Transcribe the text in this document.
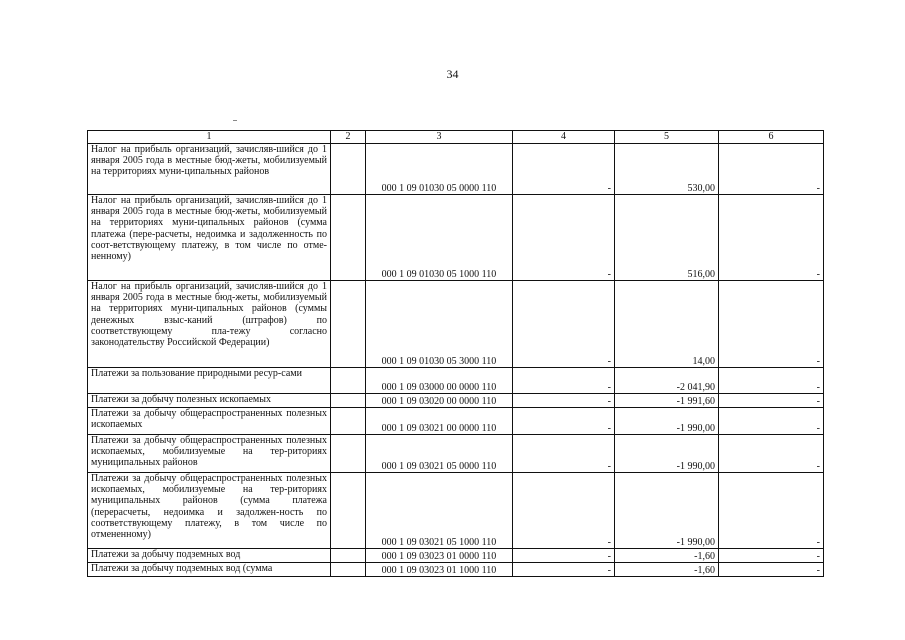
34
1	2	3	4	5	6
Налог на прибыль организаций, зачисляв-шийся до 1 января 2005 года в местные бюд-жеты, мобилизуемый на территориях муни-ципальных районов		000 1 09 01030 05 0000 110	-	530,00	-
Налог на прибыль организаций, зачисляв-шийся до 1 января 2005 года в местные бюд-жеты, мобилизуемый на территориях муни-ципальных районов (сумма платежа (пере-расчеты, недоимка и задолженность по соот-ветствующему платежу, в том числе по отме-ненному)		000 1 09 01030 05 1000 110	-	516,00	-
Налог на прибыль организаций, зачисляв-шийся до 1 января 2005 года в местные бюд-жеты, мобилизуемый на территориях муни-ципальных районов (суммы денежных взыс-каний (штрафов) по соответствующему пла-тежу согласно законодательству Российской Федерации)		000 1 09 01030 05 3000 110	-	14,00	-
Платежи за пользование природными ресур-сами		000 1 09 03000 00 0000 110	-	-2 041,90	-
Платежи за добычу полезных ископаемых		000 1 09 03020 00 0000 110	-	-1 991,60	-
Платежи за добычу общераспространенных полезных ископаемых		000 1 09 03021 00 0000 110	-	-1 990,00	-
Платежи за добычу общераспространенных полезных ископаемых, мобилизуемые на тер-риториях муниципальных районов		000 1 09 03021 05 0000 110	-	-1 990,00	-
Платежи за добычу общераспространенных полезных ископаемых, мобилизуемые на тер-риториях муниципальных районов (сумма платежа (перерасчеты, недоимка и задолжен-ность по соответствующему платежу, в том числе по отмененному)		000 1 09 03021 05 1000 110	-	-1 990,00	-
Платежи за добычу подземных вод		000 1 09 03023 01 0000 110	-	-1,60	-
Платежи за добычу подземных вод (сумма		000 1 09 03023 01 1000 110	-	-1,60	-
